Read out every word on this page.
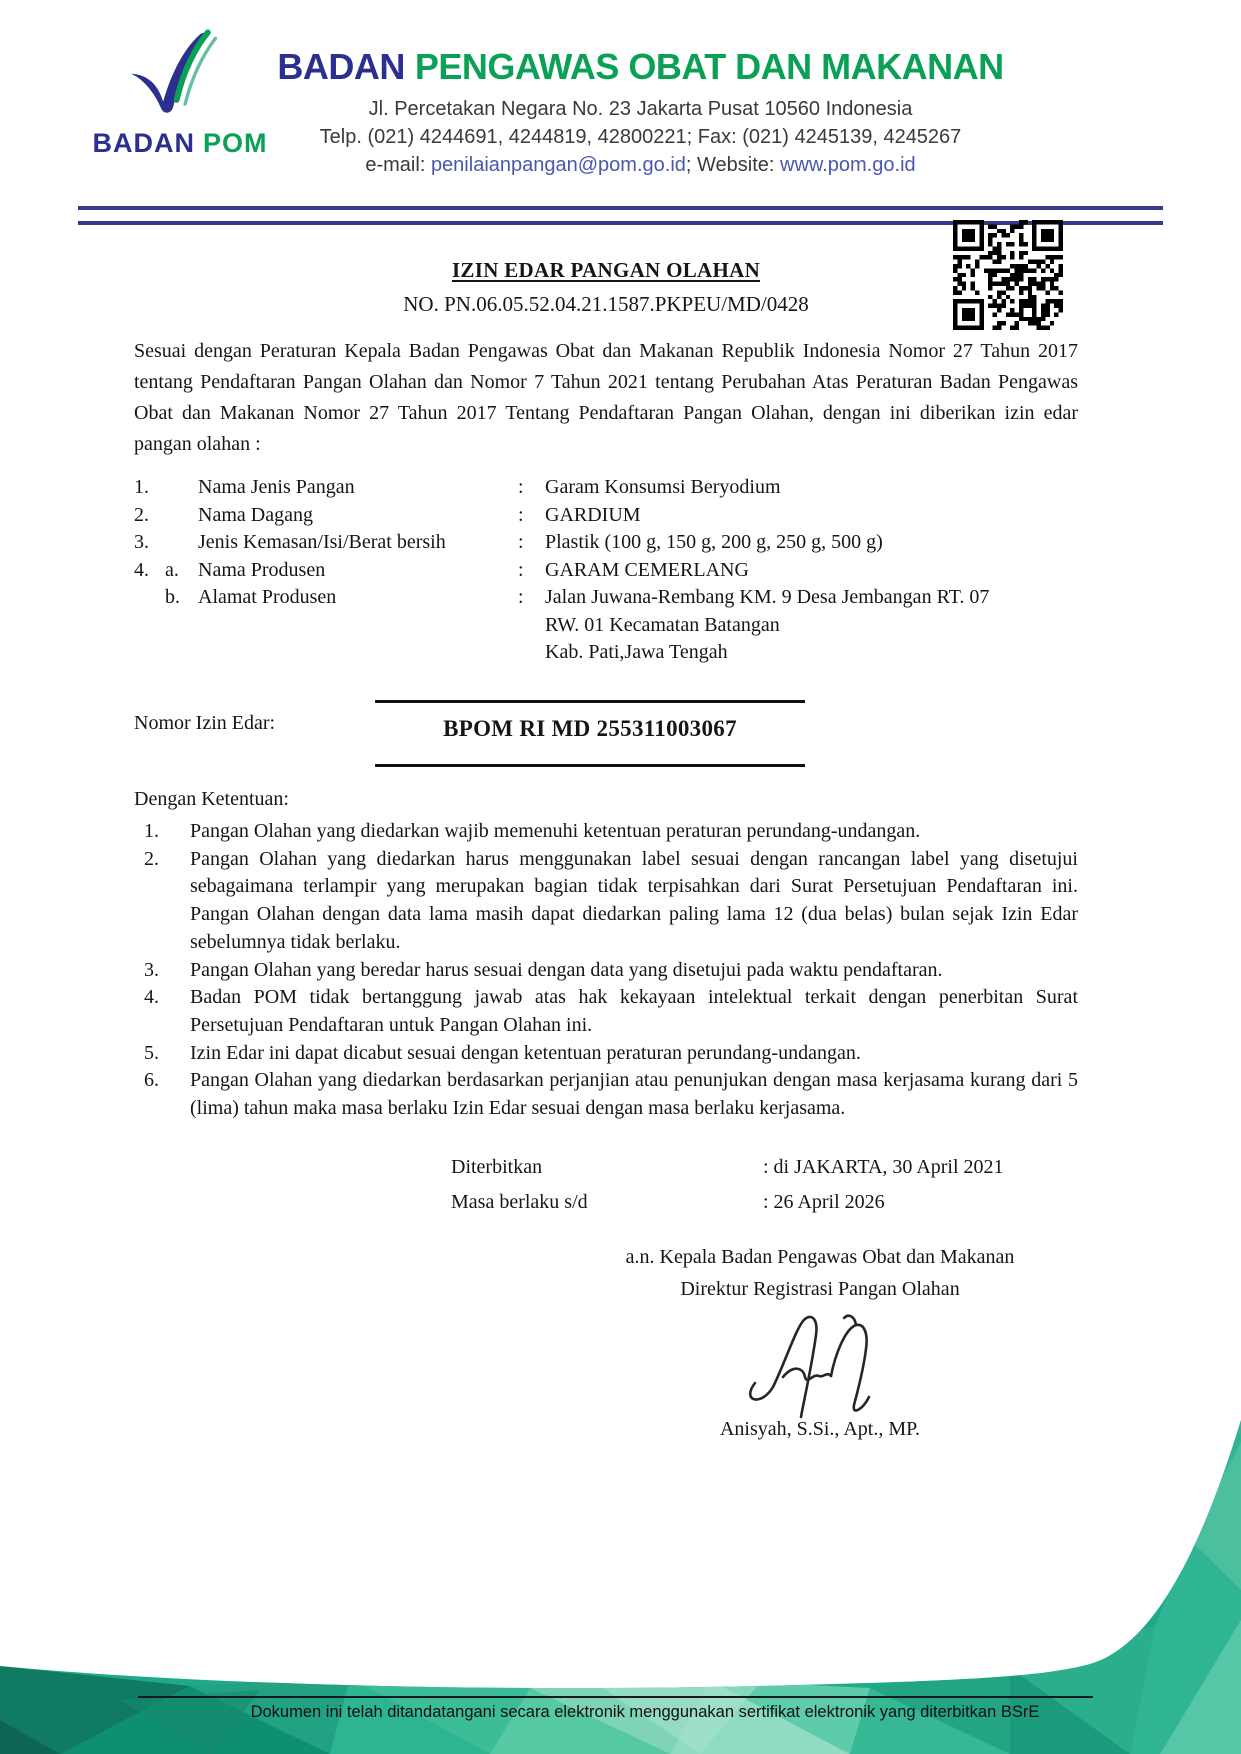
BADAN POM
BADAN PENGAWAS OBAT DAN MAKANAN
Jl. Percetakan Negara No. 23 Jakarta Pusat 10560 Indonesia
Telp. (021) 4244691, 4244819, 42800221; Fax: (021) 4245139, 4245267
e-mail: penilaianpangan@pom.go.id; Website: www.pom.go.id
IZIN EDAR PANGAN OLAHAN
NO. PN.06.05.52.04.21.1587.PKPEU/MD/0428
Sesuai dengan Peraturan Kepala Badan Pengawas Obat dan Makanan Republik Indonesia Nomor 27 Tahun 2017 tentang Pendaftaran Pangan Olahan dan Nomor 7 Tahun 2021 tentang Perubahan Atas Peraturan Badan Pengawas Obat dan Makanan Nomor 27 Tahun 2017 Tentang Pendaftaran Pangan Olahan, dengan ini diberikan izin edar pangan olahan :
1.	Nama Jenis Pangan	:	Garam Konsumsi Beryodium
2.	Nama Dagang	:	GARDIUM
3.	Jenis Kemasan/Isi/Berat bersih	:	Plastik (100 g, 150 g, 200 g, 250 g, 500 g)
4. a. Nama Produsen	:	GARAM CEMERLANG
b. Alamat Produsen	:	Jalan Juwana-Rembang KM. 9 Desa Jembangan RT. 07
RW. 01 Kecamatan Batangan
Kab. Pati,Jawa Tengah
Nomor Izin Edar:	BPOM RI MD 255311003067
Dengan Ketentuan:
1.	Pangan Olahan yang diedarkan wajib memenuhi ketentuan peraturan perundang-undangan.
2.	Pangan Olahan yang diedarkan harus menggunakan label sesuai dengan rancangan label yang disetujui sebagaimana terlampir yang merupakan bagian tidak terpisahkan dari Surat Persetujuan Pendaftaran ini. Pangan Olahan dengan data lama masih dapat diedarkan paling lama 12 (dua belas) bulan sejak Izin Edar sebelumnya tidak berlaku.
3.	Pangan Olahan yang beredar harus sesuai dengan data yang disetujui pada waktu pendaftaran.
4.	Badan POM tidak bertanggung jawab atas hak kekayaan intelektual terkait dengan penerbitan Surat Persetujuan Pendaftaran untuk Pangan Olahan ini.
5.	Izin Edar ini dapat dicabut sesuai dengan ketentuan peraturan perundang-undangan.
6.	Pangan Olahan yang diedarkan berdasarkan perjanjian atau penunjukan dengan masa kerjasama kurang dari 5 (lima) tahun maka masa berlaku Izin Edar sesuai dengan masa berlaku kerjasama.
Diterbitkan	: di JAKARTA, 30 April 2021
Masa berlaku s/d	: 26 April 2026
a.n. Kepala Badan Pengawas Obat dan Makanan
Direktur Registrasi Pangan Olahan
Anisyah, S.Si., Apt., MP.
Dokumen ini telah ditandatangani secara elektronik menggunakan sertifikat elektronik yang diterbitkan BSrE
